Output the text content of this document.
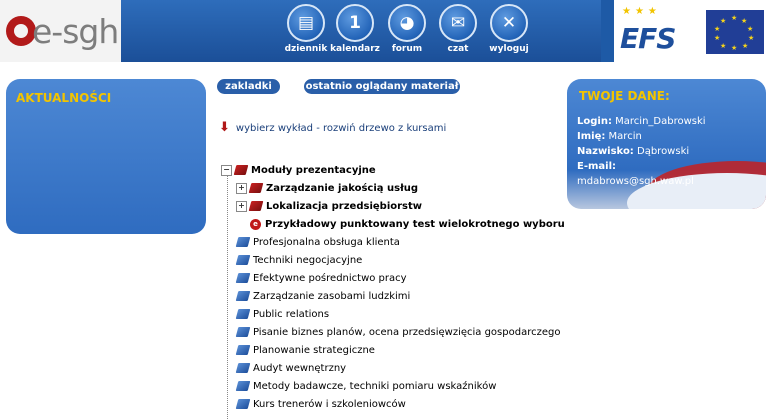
e-sgh	▤
dziennik
1
kalendarz
◕
forum
✉
czat
✕
wyloguj
★★★
EFS
★ ★
★
★
★
★
★
★
★
★
AKTUALNOŚCI
zakladki	ostatnio oglądany materiał
⬇ wybierz wykład - rozwiń drzewo z kursami
− Moduły prezentacyjne
+ Zarządzanie jakością usług
+ Lokalizacja przedsiębiorstw
e Przykładowy punktowany test wielokrotnego wyboru
Profesjonalna obsługa klienta
Techniki negocjacyjne
Efektywne pośrednictwo pracy
Zarządzanie zasobami ludzkimi
Public relations
Pisanie biznes planów, ocena przedsięwzięcia gospodarczego
Planowanie strategiczne
Audyt wewnętrzny
Metody badawcze, techniki pomiaru wskaźników
Kurs trenerów i szkoleniowców
TWOJE DANE:
Login: Marcin_Dabrowski
Imię: Marcin
Nazwisko: Dąbrowski
E-mail:
mdabrows@sgh.waw.pl
